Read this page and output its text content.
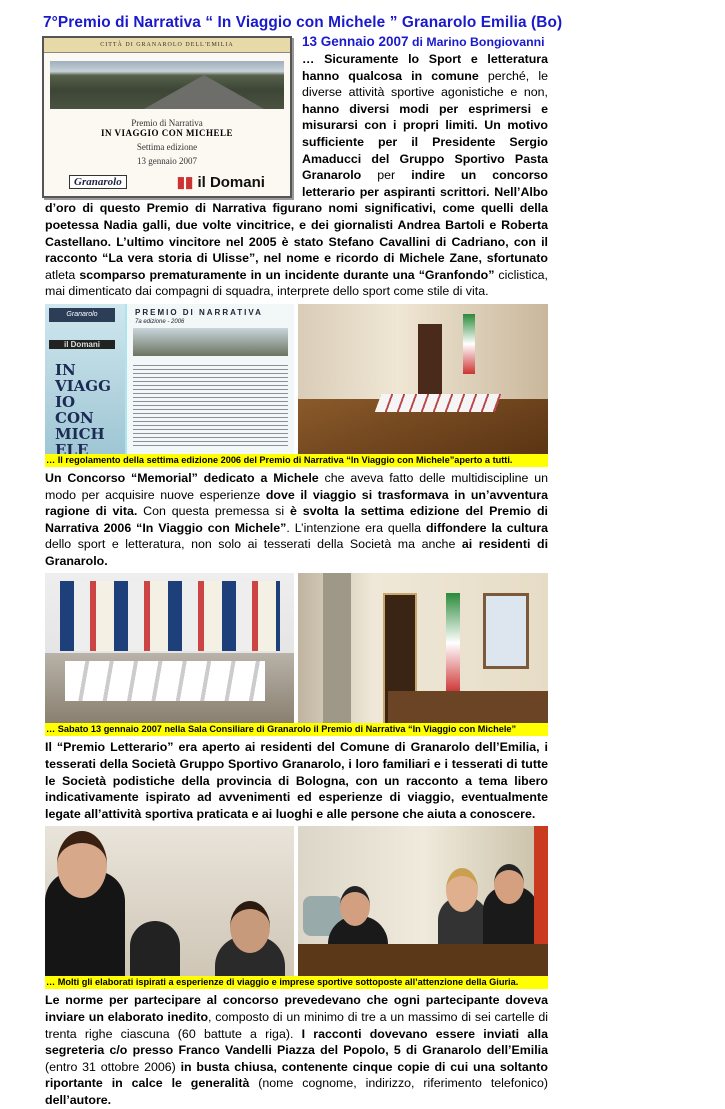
7°Premio di Narrativa “ In Viaggio con Michele ” Granarolo Emilia (Bo)
CITTÀ DI GRANAROLO DELL'EMILIA
Premio di Narrativa
IN VIAGGIO CON MICHELE
Settima edizione
13 gennaio 2007
Granarolo	▮▮ il Domani
13 Gennaio 2007 di Marino Bongiovanni

… Sicuramente lo Sport e letteratura hanno qualcosa in comune perché, le diverse attività sportive agonistiche e non, hanno diversi modi per esprimersi e misurarsi con i propri limiti. Un motivo sufficiente per il Presidente Sergio Amaducci del Gruppo Sportivo Pasta Granarolo per indire un concorso letterario per aspiranti scrittori. Nell’Albo d’oro di questo Premio di Narrativa figurano nomi significativi, come quelli della poetessa Nadia galli, due volte vincitrice, e dei giornalisti Andrea Bartoli e Roberta Castellano. L’ultimo vincitore nel 2005 è stato Stefano Cavallini di Cadriano, con il racconto “La vera storia di Ulisse”, nel nome e ricordo di Michele Zane, sfortunato atleta scomparso prematuramente in un incidente durante una “Granfondo” ciclistica, mai dimenticato dai compagni di squadra, interprete dello sport come stile di vita.

Granarolo
il Domani
IN VIAGGIO CON MICHELE
PREMIO DI NARRATIVA
7a edizione - 2006
… Il regolamento della settima edizione 2006 del Premio di Narrativa “In Viaggio con Michele”aperto a tutti.

Un Concorso “Memorial” dedicato a Michele che aveva fatto delle multidiscipline un modo per acquisire nuove esperienze dove il viaggio si trasformava in un’avventura ragione di vita. Con questa premessa si è svolta la settima edizione del Premio di Narrativa 2006 “In Viaggio con Michele”. L’intenzione era quella diffondere la cultura dello sport e letteratura, non solo ai tesserati della Società ma anche ai residenti di Granarolo.

… Sabato 13 gennaio 2007 nella Sala Consiliare di Granarolo il Premio di Narrativa “In Viaggio con Michele”

Il “Premio Letterario” era aperto ai residenti del Comune di Granarolo dell’Emilia, i tesserati della Società Gruppo Sportivo Granarolo, i loro familiari e i tesserati di tutte le Società podistiche della provincia di Bologna, con un racconto a tema libero indicativamente ispirato ad avvenimenti ed esperienze di viaggio, eventualmente legate all’attività sportiva praticata e ai luoghi e alle persone che aiuta a conoscere.

… Molti gli elaborati ispirati a esperienze di viaggio e imprese sportive sottoposte all’attenzione della Giuria.

Le norme per partecipare al concorso prevedevano che ogni partecipante doveva inviare un elaborato inedito, composto di un minimo di tre a un massimo di sei cartelle di trenta righe ciascuna (60 battute a riga). I racconti dovevano essere inviati alla segreteria c/o presso Franco Vandelli Piazza del Popolo, 5 di Granarolo dell’Emilia (entro 31 ottobre 2006) in busta chiusa, contenente cinque copie di cui una soltanto riportante in calce le generalità (nome cognome, indirizzo, riferimento telefonico) dell’autore.
